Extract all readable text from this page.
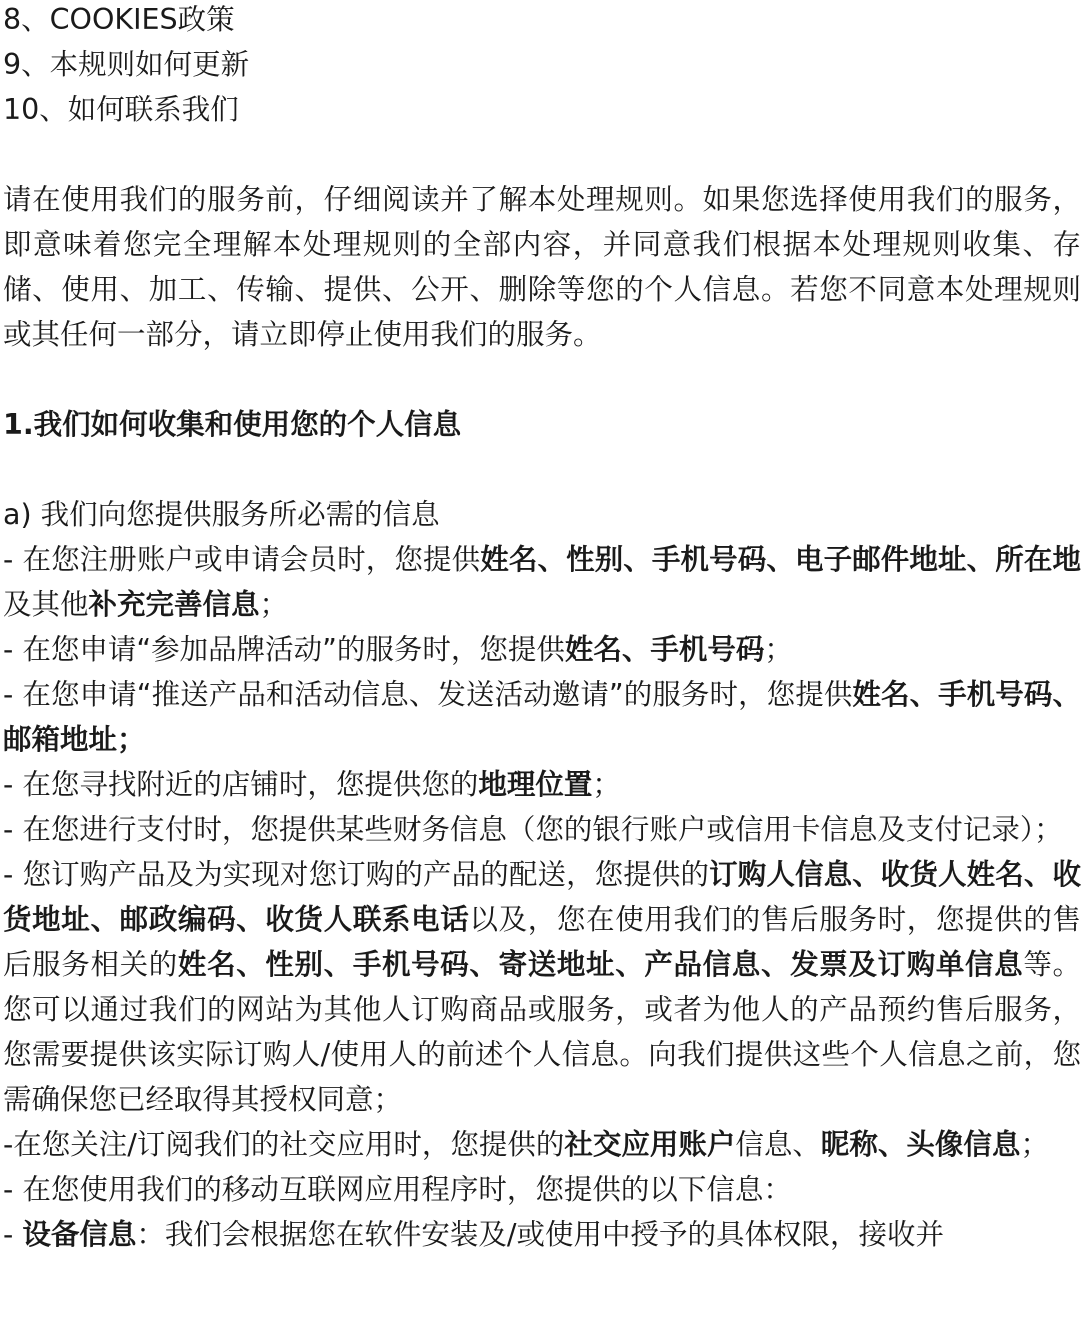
8、COOKIES政策

9、本规则如何更新

10、如何联系我们

请在使用我们的服务前，仔细阅读并了解本处理规则。如果您选择使用我们的服务，即意味着您完全理解本处理规则的全部内容，并同意我们根据本处理规则收集、存储、使用、加工、传输、提供、公开、删除等您的个人信息。若您不同意本处理规则或其任何一部分，请立即停止使用我们的服务。

1.我们如何收集和使用您的个人信息

a) 我们向您提供服务所必需的信息

- 在您注册账户或申请会员时，您提供姓名、性别、手机号码、电子邮件地址、所在地及其他补充完善信息；

- 在您申请“参加品牌活动”的服务时，您提供姓名、手机号码；

- 在您申请“推送产品和活动信息、发送活动邀请”的服务时，您提供姓名、手机号码、邮箱地址；

- 在您寻找附近的店铺时，您提供您的地理位置；

- 在您进行支付时，您提供某些财务信息（您的银行账户或信用卡信息及支付记录）；

- 您订购产品及为实现对您订购的产品的配送，您提供的订购人信息、收货人姓名、收货地址、邮政编码、收货人联系电话以及，您在使用我们的售后服务时，您提供的售后服务相关的姓名、性别、手机号码、寄送地址、产品信息、发票及订购单信息等。您可以通过我们的网站为其他人订购商品或服务，或者为他人的产品预约售后服务，您需要提供该实际订购人/使用人的前述个人信息。向我们提供这些个人信息之前，您需确保您已经取得其授权同意；

-在您关注/订阅我们的社交应用时，您提供的社交应用账户信息、昵称、头像信息；

- 在您使用我们的移动互联网应用程序时，您提供的以下信息：

- 设备信息：我们会根据您在软件安装及/或使用中授予的具体权限，接收并
